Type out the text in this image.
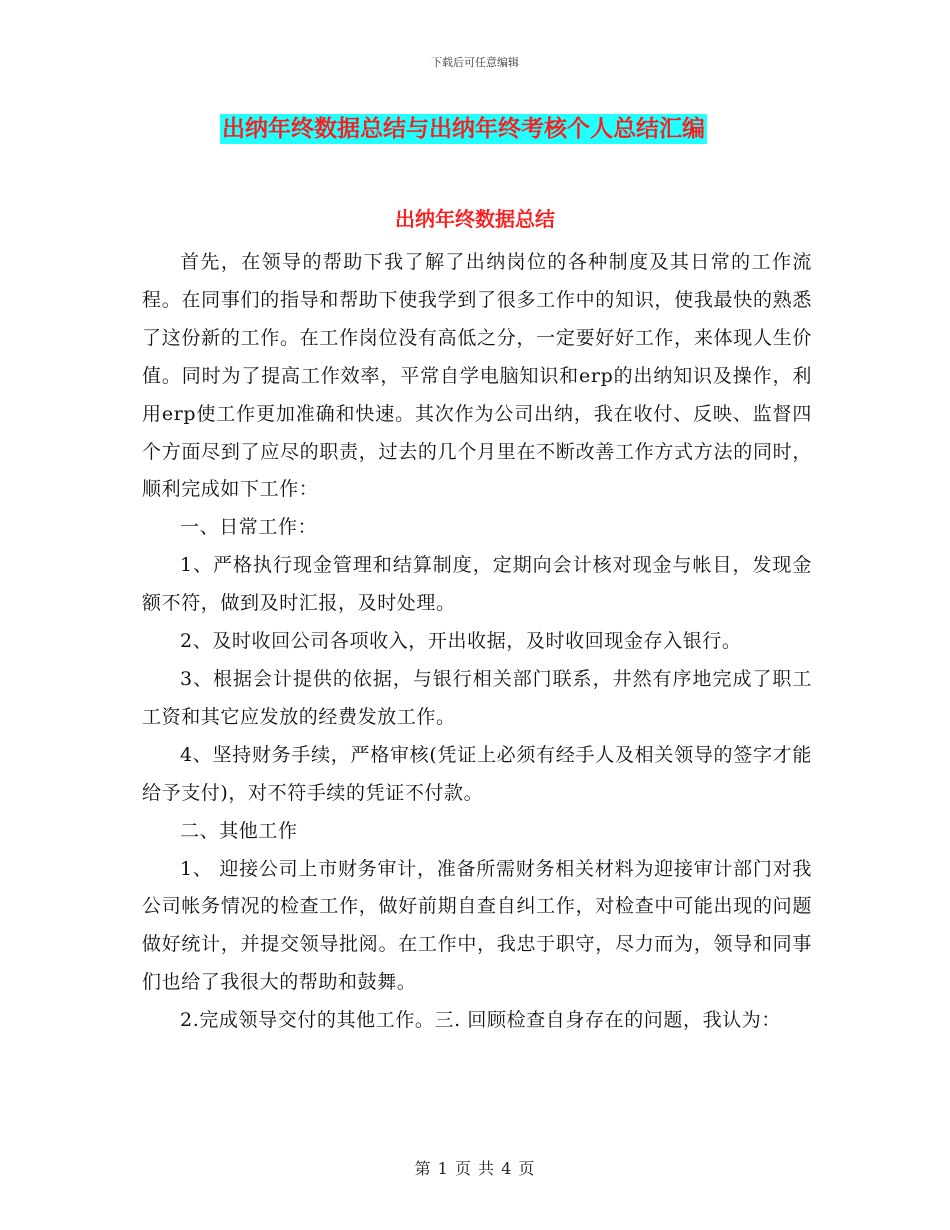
下载后可任意编辑
出纳年终数据总结与出纳年终考核个人总结汇编
出纳年终数据总结

首先，在领导的帮助下我了解了出纳岗位的各种制度及其日常的工作流程。在同事们的指导和帮助下使我学到了很多工作中的知识，使我最快的熟悉了这份新的工作。在工作岗位没有高低之分，一定要好好工作，来体现人生价值。同时为了提高工作效率，平常自学电脑知识和erp的出纳知识及操作，利用erp使工作更加准确和快速。其次作为公司出纳，我在收付、反映、监督四个方面尽到了应尽的职责，过去的几个月里在不断改善工作方式方法的同时，顺利完成如下工作：

一、日常工作：

1、严格执行现金管理和结算制度，定期向会计核对现金与帐目，发现金额不符，做到及时汇报，及时处理。

2、及时收回公司各项收入，开出收据，及时收回现金存入银行。

3、根据会计提供的依据，与银行相关部门联系，井然有序地完成了职工工资和其它应发放的经费发放工作。

4、坚持财务手续，严格审核(凭证上必须有经手人及相关领导的签字才能给予支付)，对不符手续的凭证不付款。

二、其他工作

1、 迎接公司上市财务审计，准备所需财务相关材料为迎接审计部门对我公司帐务情况的检查工作，做好前期自查自纠工作，对检查中可能出现的问题做好统计，并提交领导批阅。在工作中，我忠于职守，尽力而为，领导和同事们也给了我很大的帮助和鼓舞。

2.完成领导交付的其他工作。三. 回顾检查自身存在的问题，我认为：

第 1 页 共 4 页
